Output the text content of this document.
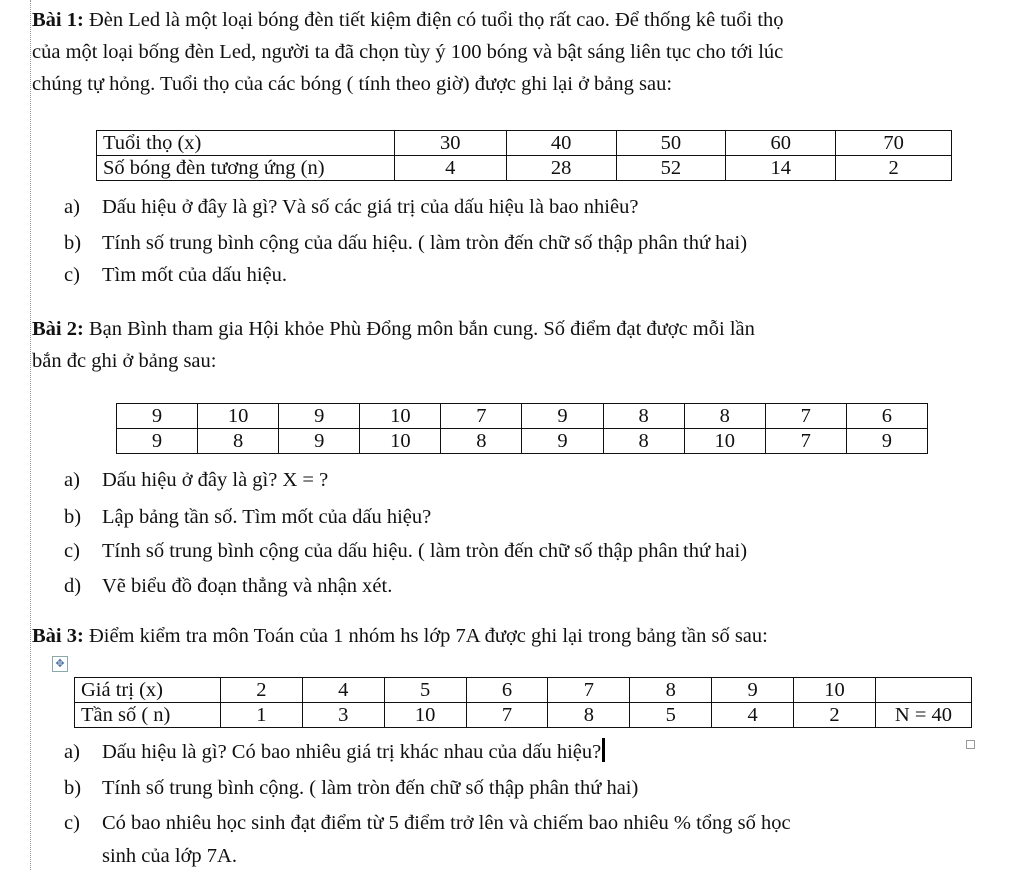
Bài 1: Đèn Led là một loại bóng đèn tiết kiệm điện có tuổi thọ rất cao. Để thống kê tuổi thọ
của một loại bống đèn Led, người ta đã chọn tùy ý 100 bóng và bật sáng liên tục cho tới lúc
chúng tự hỏng. Tuổi thọ của các bóng ( tính theo giờ) được ghi lại ở bảng sau:
Tuổi thọ (x)	30	40	50	60	70
Số bóng đèn tương ứng (n)	4	28	52	14	2
a) Dấu hiệu ở đây là gì? Và số các giá trị của dấu hiệu là bao nhiêu?
b) Tính số trung bình cộng của dấu hiệu. ( làm tròn đến chữ số thập phân thứ hai)
c) Tìm mốt của dấu hiệu.
Bài 2: Bạn Bình tham gia Hội khỏe Phù Đổng môn bắn cung. Số điểm đạt được mỗi lần
bắn đc ghi ở bảng sau:
9	10	9	10	7	9	8	8	7	6
9	8	9	10	8	9	8	10	7	9
a) Dấu hiệu ở đây là gì? X = ?
b) Lập bảng tần số. Tìm mốt của dấu hiệu?
c) Tính số trung bình cộng của dấu hiệu. ( làm tròn đến chữ số thập phân thứ hai)
d) Vẽ biểu đồ đoạn thẳng và nhận xét.
Bài 3: Điểm kiểm tra môn Toán của 1 nhóm hs lớp 7A được ghi lại trong bảng tần số sau:
✥
Giá trị (x)	2	4	5	6	7	8	9	10	
Tần số ( n)	1	3	10	7	8	5	4	2	N = 40
a) Dấu hiệu là gì? Có bao nhiêu giá trị khác nhau của dấu hiệu?
b) Tính số trung bình cộng. ( làm tròn đến chữ số thập phân thứ hai)
c) Có bao nhiêu học sinh đạt điểm từ 5 điểm trở lên và chiếm bao nhiêu % tổng số học
sinh của lớp 7A.
